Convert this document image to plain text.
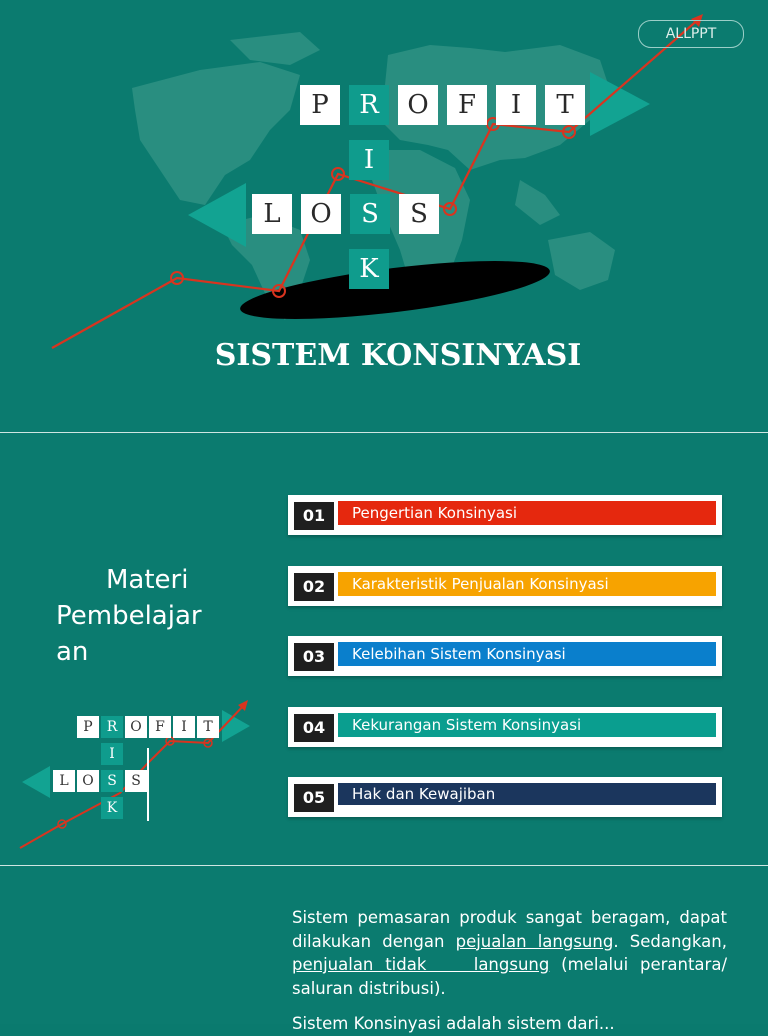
ALLPPT
P	R	O	F	I	T
I
L	O	S	S
K
SISTEM KONSINYASI
Materi
Pembelajar
an
P	R O F	I	T
I
L O S	S
K
01	Pengertian Konsinyasi
02	Karakteristik Penjualan Konsinyasi
03	Kelebihan Sistem Konsinyasi
04	Kekurangan Sistem Konsinyasi
05	Hak dan Kewajiban
Sistem pemasaran produk sangat beragam, dapat dilakukan dengan pejualan langsung. Sedangkan, penjualan tidak    langsung (melalui perantara/ saluran distribusi).
Sistem Konsinyasi adalah sistem dari...
